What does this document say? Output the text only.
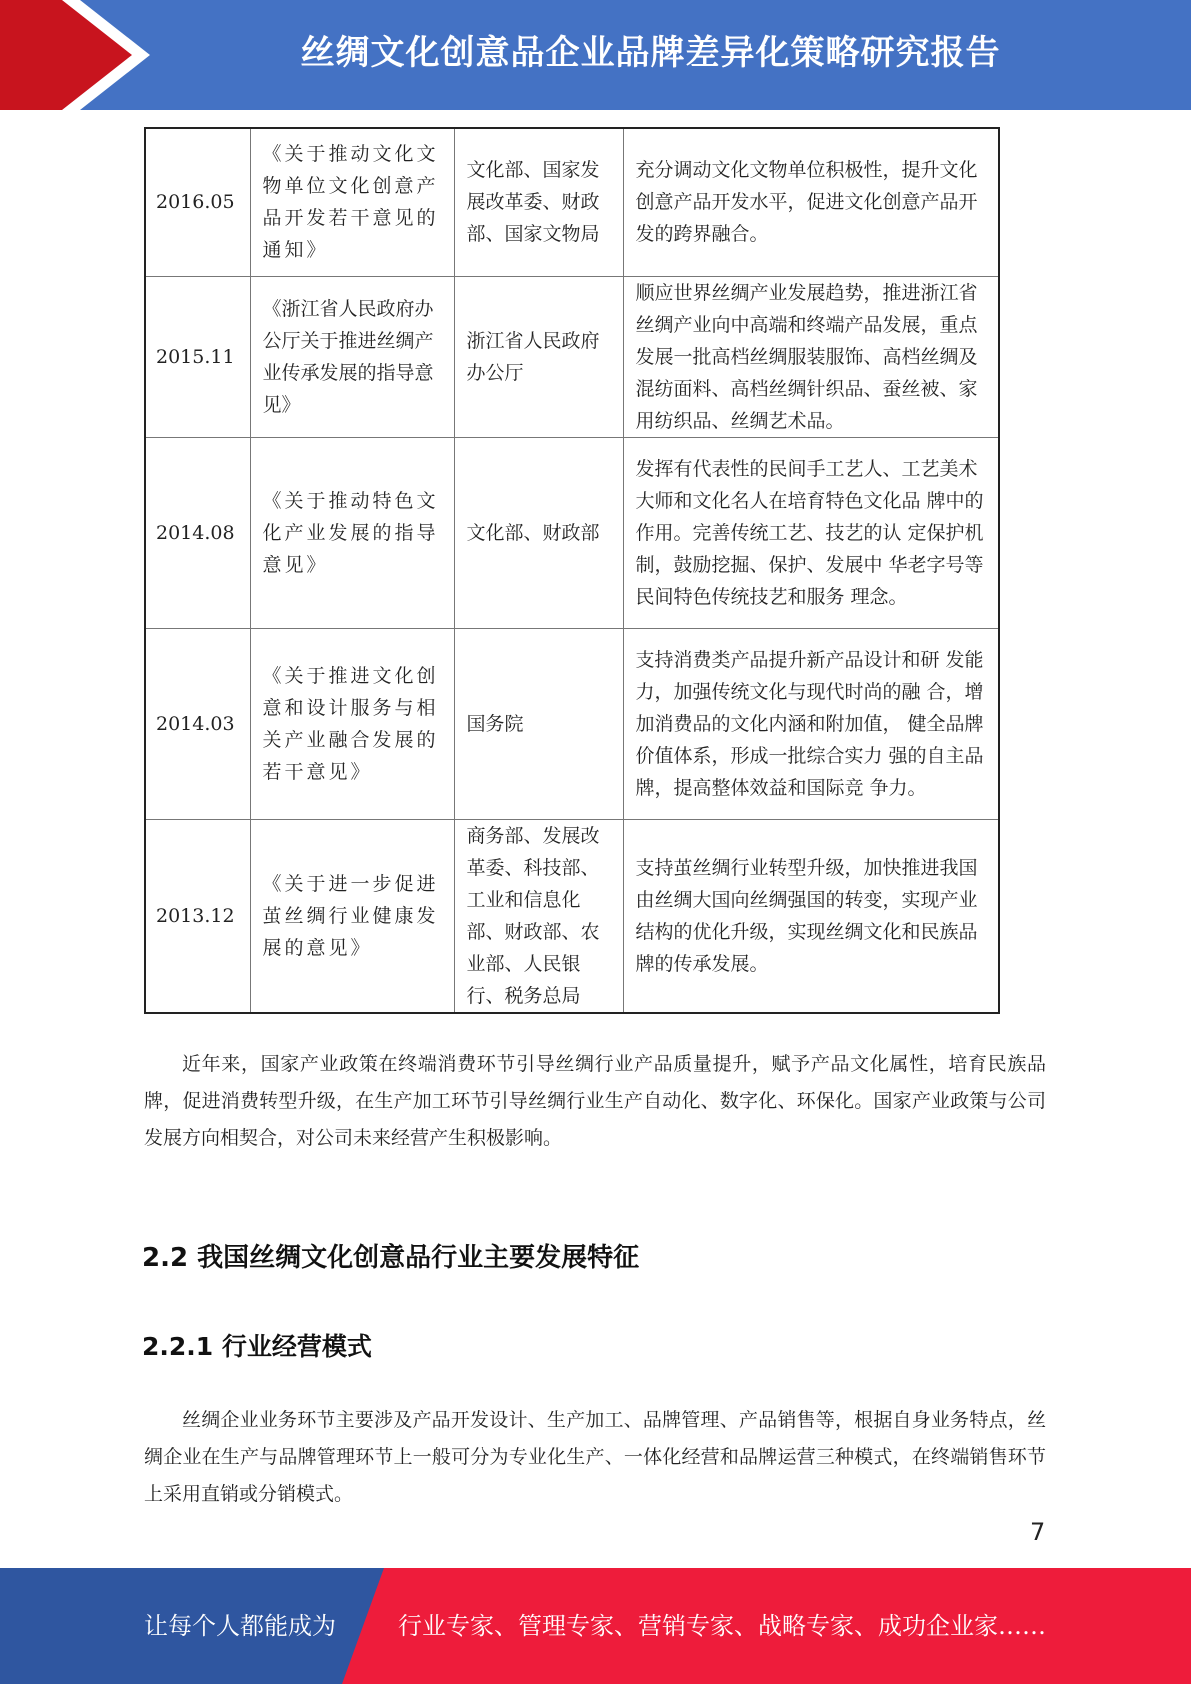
丝绸文化创意品企业品牌差异化策略研究报告
2016.05	《关于推动文化文 物单位文化创意产 品开发若干意见的 通知》	文化部、国家发 展改革委、财政 部、国家文物局	充分调动文化文物单位积极性，提升文化创意产品开发水平，促进文化创意产品开发的跨界融合。
2015.11	《浙江省人民政府办公厅关于推进丝绸产业传承发展的指导意见》	浙江省人民政府办公厅	顺应世界丝绸产业发展趋势，推进浙江省丝绸产业向中高端和终端产品发展，重点发展一批高档丝绸服装服饰、高档丝绸及混纺面料、高档丝绸针织品、蚕丝被、家用纺织品、丝绸艺术品。
2014.08	《关于推动特色文 化产业发展的指导 意见》	文化部、财政部	发挥有代表性的民间手工艺人、工艺美术大师和文化名人在培育特色文化品 牌中的作用。完善传统工艺、技艺的认 定保护机制，鼓励挖掘、保护、发展中 华老字号等民间特色传统技艺和服务 理念。
2014.03	《关于推进文化创 意和设计服务与相 关产业融合发展的 若干意见》	国务院	支持消费类产品提升新产品设计和研 发能力，加强传统文化与现代时尚的融 合，增加消费品的文化内涵和附加值， 健全品牌价值体系，形成一批综合实力 强的自主品牌，提高整体效益和国际竞 争力。
2013.12	《关于进一步促进 茧丝绸行业健康发 展的意见》	商务部、发展改革委、科技部、工业和信息化部、财政部、农业部、人民银行、税务总局	支持茧丝绸行业转型升级，加快推进我国由丝绸大国向丝绸强国的转变，实现产业结构的优化升级，实现丝绸文化和民族品牌的传承发展。

近年来，国家产业政策在终端消费环节引导丝绸行业产品质量提升，赋予产品文化属性，培育民族品牌，促进消费转型升级，在生产加工环节引导丝绸行业生产自动化、数字化、环保化。国家产业政策与公司发展方向相契合，对公司未来经营产生积极影响。

2.2 我国丝绸文化创意品行业主要发展特征
2.2.1 行业经营模式

丝绸企业业务环节主要涉及产品开发设计、生产加工、品牌管理、产品销售等，根据自身业务特点，丝绸企业在生产与品牌管理环节上一般可分为专业化生产、一体化经营和品牌运营三种模式，在终端销售环节上采用直销或分销模式。

7
让每个人都能成为	行业专家、管理专家、营销专家、战略专家、成功企业家……
